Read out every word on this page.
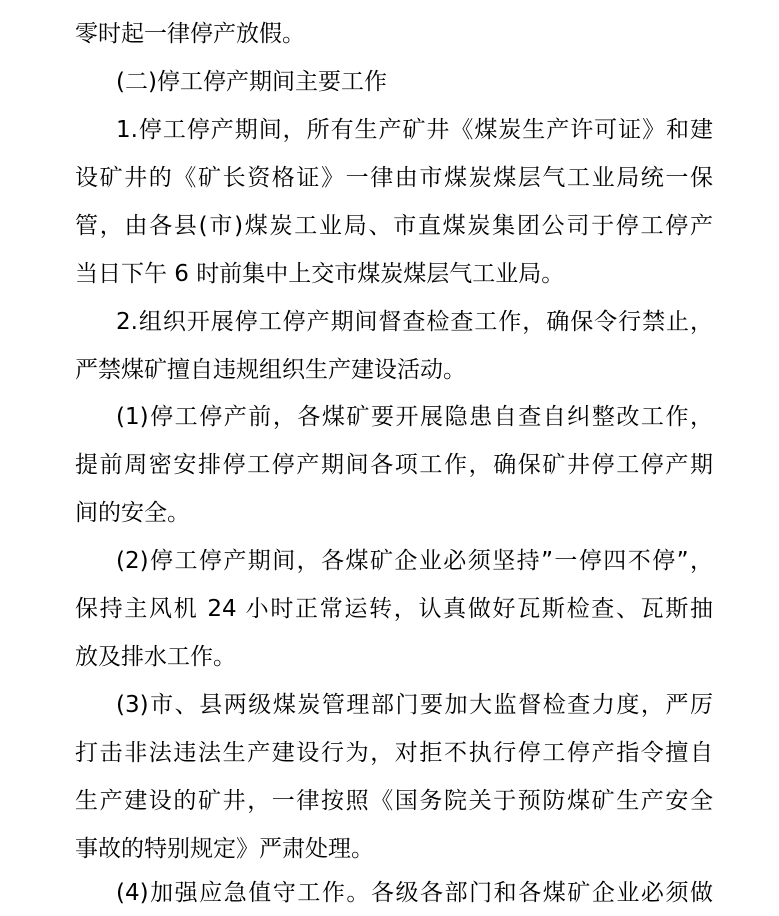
零时起一律停产放假。
(二)停工停产期间主要工作
1.停工停产期间，所有生产矿井《煤炭生产许可证》和建
设矿井的《矿长资格证》一律由市煤炭煤层气工业局统一保
管，由各县(市)煤炭工业局、市直煤炭集团公司于停工停产
当日下午 6 时前集中上交市煤炭煤层气工业局。
2.组织开展停工停产期间督查检查工作，确保令行禁止，
严禁煤矿擅自违规组织生产建设活动。
(1)停工停产前，各煤矿要开展隐患自查自纠整改工作，
提前周密安排停工停产期间各项工作，确保矿井停工停产期
间的安全。
(2)停工停产期间，各煤矿企业必须坚持”一停四不停”，
保持主风机 24 小时正常运转，认真做好瓦斯检查、瓦斯抽
放及排水工作。
(3)市、县两级煤炭管理部门要加大监督检查力度，严厉
打击非法违法生产建设行为，对拒不执行停工停产指令擅自
生产建设的矿井，一律按照《国务院关于预防煤矿生产安全
事故的特别规定》严肃处理。
(4)加强应急值守工作。各级各部门和各煤矿企业必须做
